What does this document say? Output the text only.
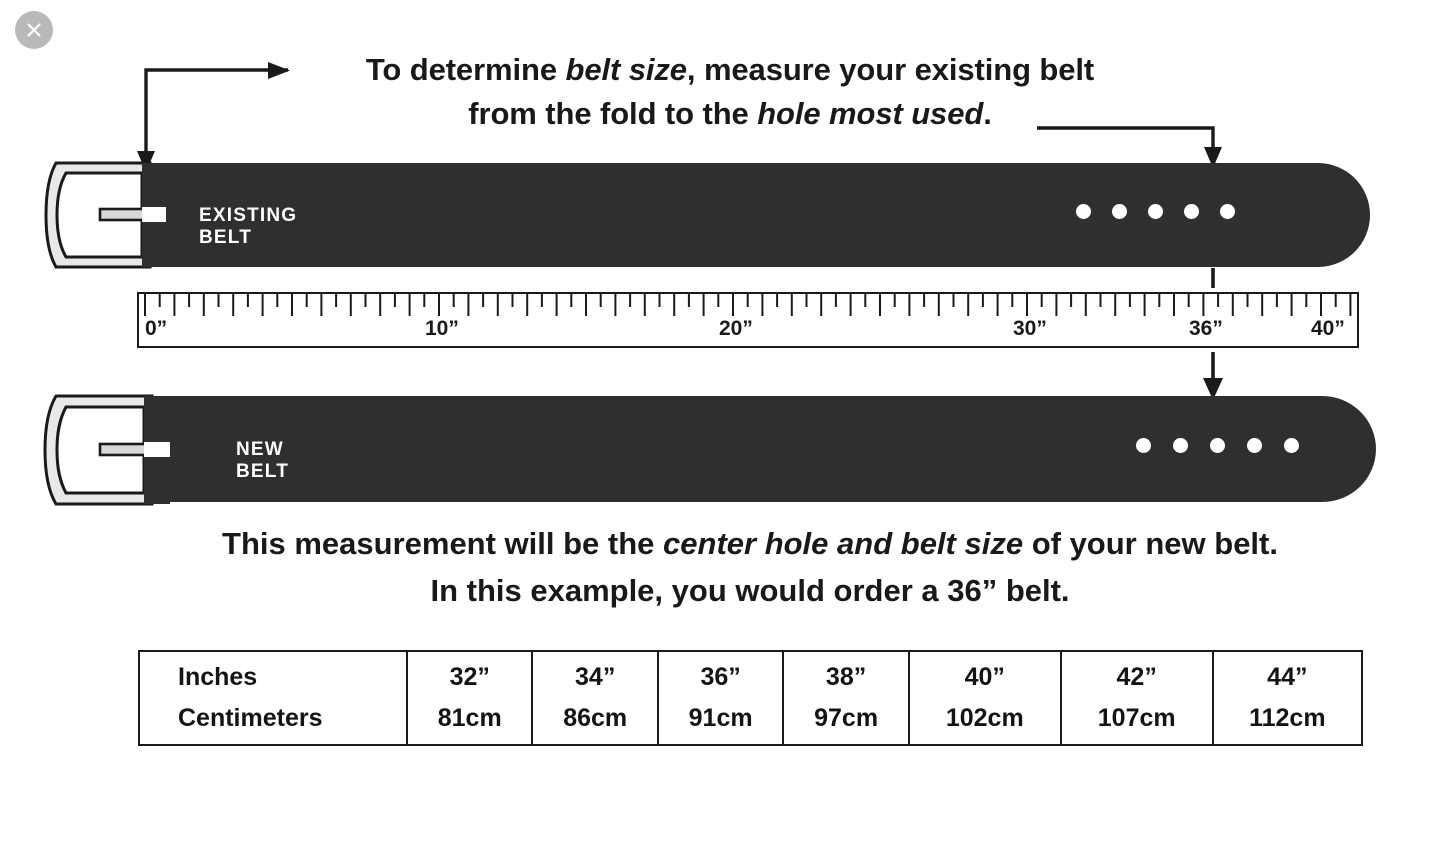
To determine belt size, measure your existing belt
from the fold to the hole most used.
EXISTING BELT
0”	10”	20”	30”	36”	40”
NEW BELT
This measurement will be the center hole and belt size of your new belt.
In this example, you would order a 36” belt.
Inches	32”	34”	36”	38”	40”	42”	44”
Centimeters	81cm	86cm	91cm	97cm	102cm	107cm	112cm
